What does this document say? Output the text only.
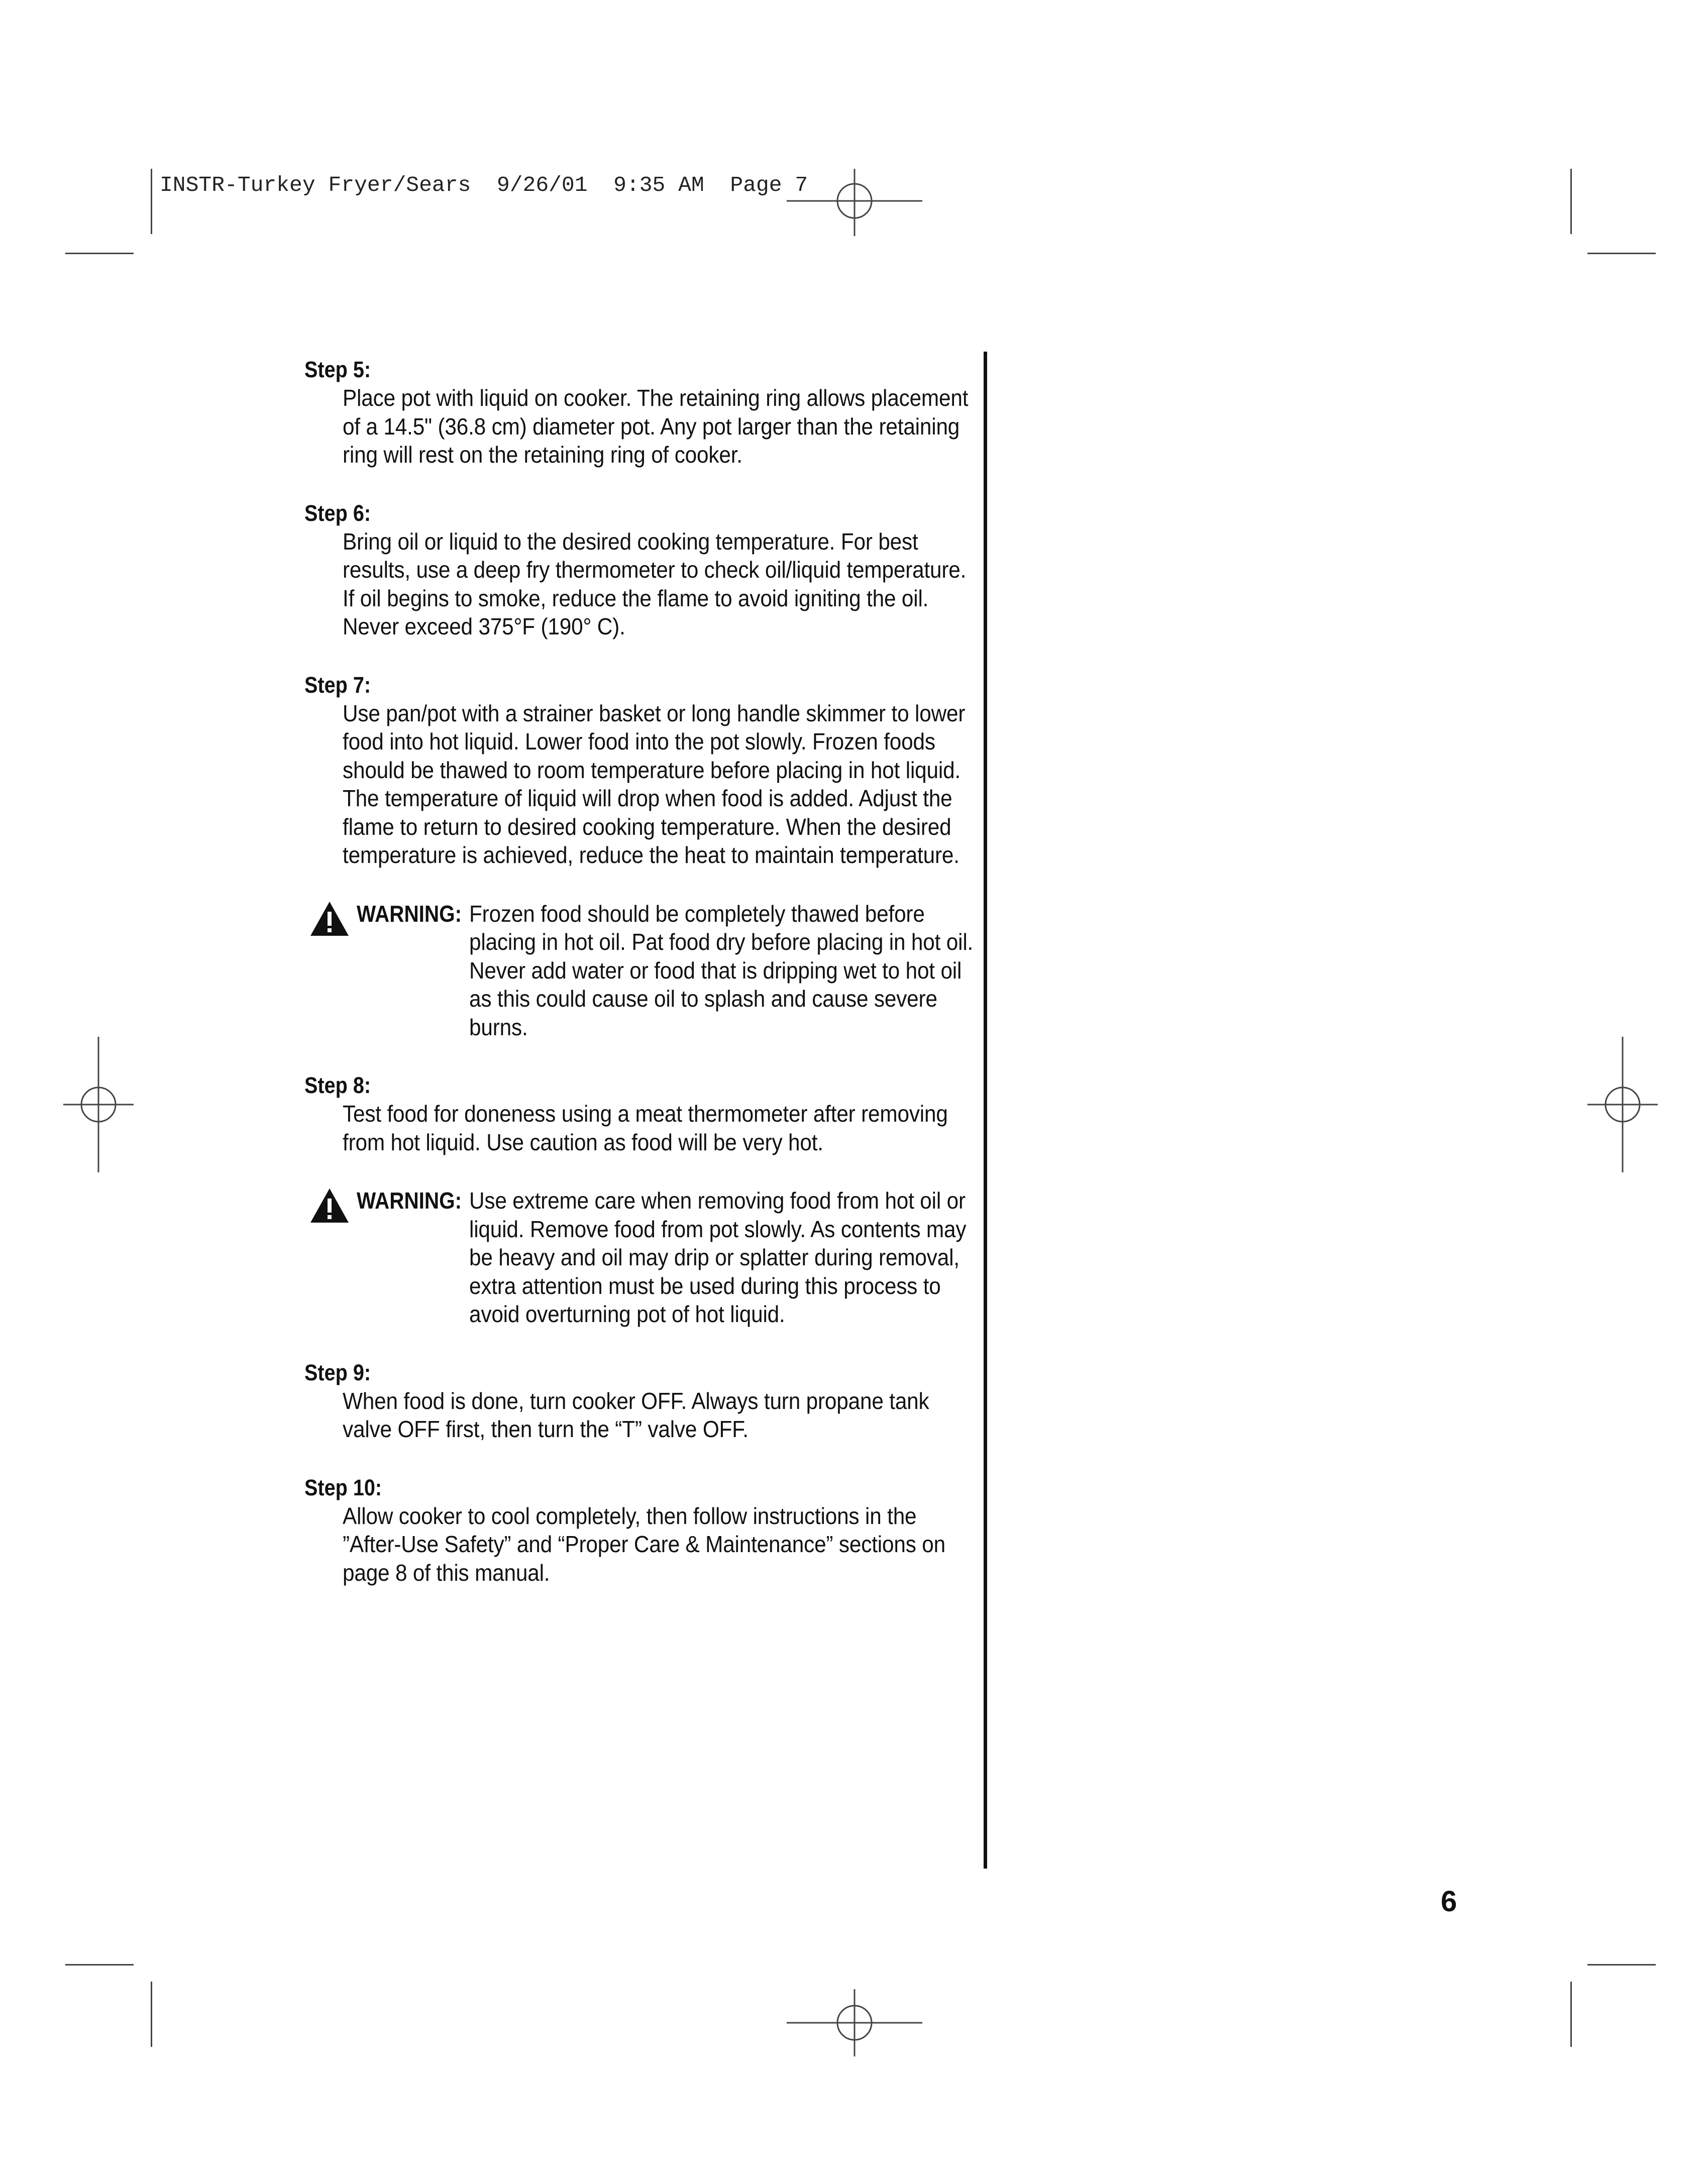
INSTR-Turkey Fryer/Sears  9/26/01  9:35 AM  Page 7
Step 5:
Place pot with liquid on cooker. The retaining ring allows placement of a 14.5" (36.8 cm) diameter pot. Any pot larger than the retaining ring will rest on the retaining ring of cooker.
Step 6:
Bring oil or liquid to the desired cooking temperature. For best results, use a deep fry thermometer to check oil/liquid temperature. If oil begins to smoke, reduce the flame to avoid igniting the oil. Never exceed 375°F (190° C).
Step 7:
Use pan/pot with a strainer basket or long handle skimmer to lower food into hot liquid. Lower food into the pot slowly. Frozen foods should be thawed to room temperature before placing in hot liquid. The temperature of liquid will drop when food is added. Adjust the flame to return to desired cooking temperature. When the desired temperature is achieved, reduce the heat to maintain temperature.
WARNING: Frozen food should be completely thawed before placing in hot oil. Pat food dry before placing in hot oil. Never add water or food that is dripping wet to hot oil as this could cause oil to splash and cause severe burns.
Step 8:
Test food for doneness using a meat thermometer after removing from hot liquid. Use caution as food will be very hot.
WARNING: Use extreme care when removing food from hot oil or liquid. Remove food from pot slowly. As contents may be heavy and oil may drip or splatter during removal, extra attention must be used during this process to avoid overturning pot of hot liquid.
Step 9:
When food is done, turn cooker OFF. Always turn propane tank valve OFF first, then turn the “T” valve OFF.
Step 10:
Allow cooker to cool completely, then follow instructions in the ”After-Use Safety” and “Proper Care & Maintenance” sections on page 8 of this manual.
6
